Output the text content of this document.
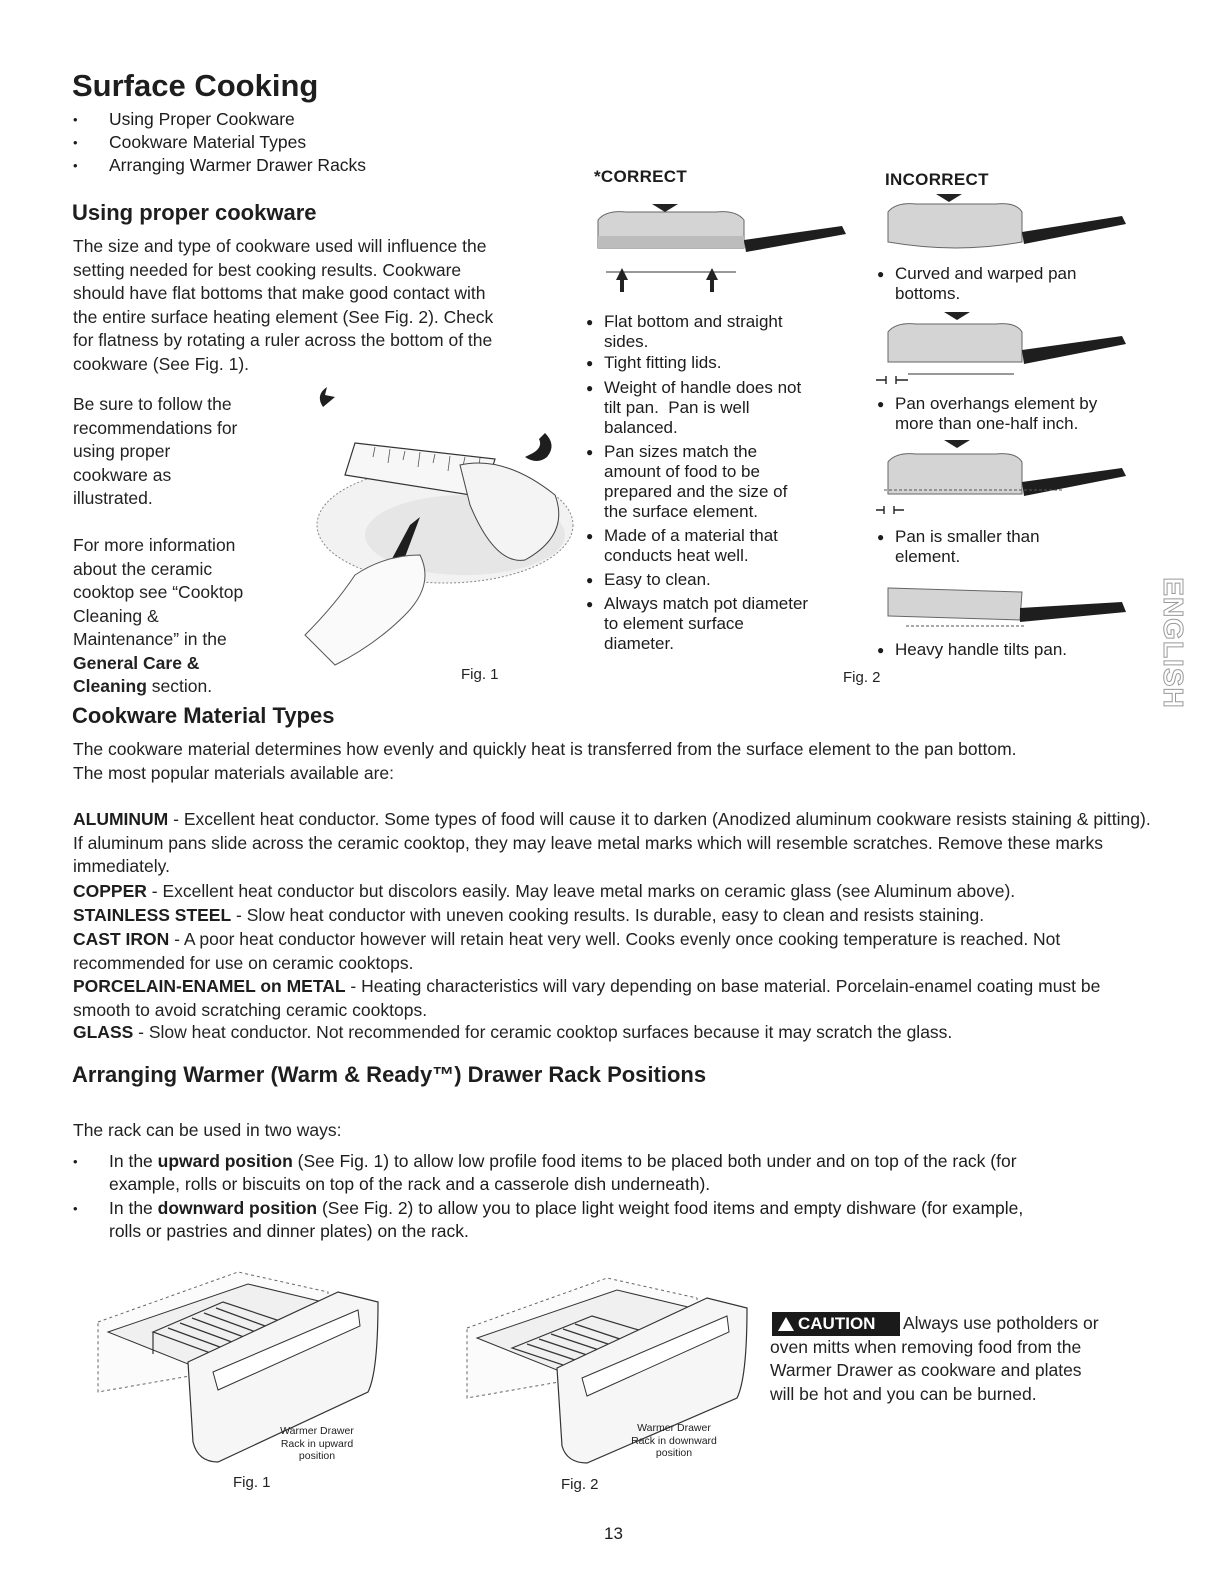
Surface Cooking
• Using Proper Cookware
• Cookware Material Types
• Arranging Warmer Drawer Racks
Using proper cookware
The size and type of cookware used will influence the
setting needed for best cooking results. Cookware
should have flat bottoms that make good contact with
the entire surface heating element (See Fig. 2). Check
for flatness by rotating a ruler across the bottom of the
cookware (See Fig. 1).
Be sure to follow the
recommendations for
using proper
cookware as
illustrated.
For more information
about the ceramic
cooktop see “Cooktop
Cleaning &
Maintenance” in the
General Care &
Cleaning section.
Fig. 1
*CORRECT
● Flat bottom and straight
sides.
● Tight fitting lids.
● Weight of handle does not
tilt pan.  Pan is well
balanced.
● Pan sizes match the
amount of food to be
prepared and the size of
the surface element.
● Made of a material that
conducts heat well.
● Easy to clean.
● Always match pot diameter
to element surface
diameter.
Fig. 2
INCORRECT
● Curved and warped pan
bottoms.
● Pan overhangs element by
more than one-half inch.
● Pan is smaller than
element.
● Heavy handle tilts pan.	ENGLISH
Cookware Material Types
The cookware material determines how evenly and quickly heat is transferred from the surface element to the pan bottom.
The most popular materials available are:
ALUMINUM - Excellent heat conductor. Some types of food will cause it to darken (Anodized aluminum cookware resists staining & pitting). If aluminum pans slide across the ceramic cooktop, they may leave metal marks which will resemble scratches. Remove these marks immediately.
COPPER - Excellent heat conductor but discolors easily. May leave metal marks on ceramic glass (see Aluminum above).
STAINLESS STEEL - Slow heat conductor with uneven cooking results. Is durable, easy to clean and resists staining.
CAST IRON - A poor heat conductor however will retain heat very well. Cooks evenly once cooking temperature is reached. Not recommended for use on ceramic cooktops.
PORCELAIN-ENAMEL on METAL - Heating characteristics will vary depending on base material. Porcelain-enamel coating must be smooth to avoid scratching ceramic cooktops.
GLASS - Slow heat conductor. Not recommended for ceramic cooktop surfaces because it may scratch the glass.
Arranging Warmer (Warm & Ready™) Drawer Rack Positions
The rack can be used in two ways:
• In the upward position (See Fig. 1) to allow low profile food items to be placed both under and on top of the rack (for
example, rolls or biscuits on top of the rack and a casserole dish underneath).
• In the downward position (See Fig. 2) to allow you to place light weight food items and empty dishware (for example,
rolls or pastries and dinner plates) on the rack.
Warmer Drawer
Rack in upward
position
Fig. 1
Warmer Drawer
Rack in downward
position
Fig. 2
CAUTION	Always use potholders or
oven mitts when removing food from the
Warmer Drawer as cookware and plates
will be hot and you can be burned.
13
